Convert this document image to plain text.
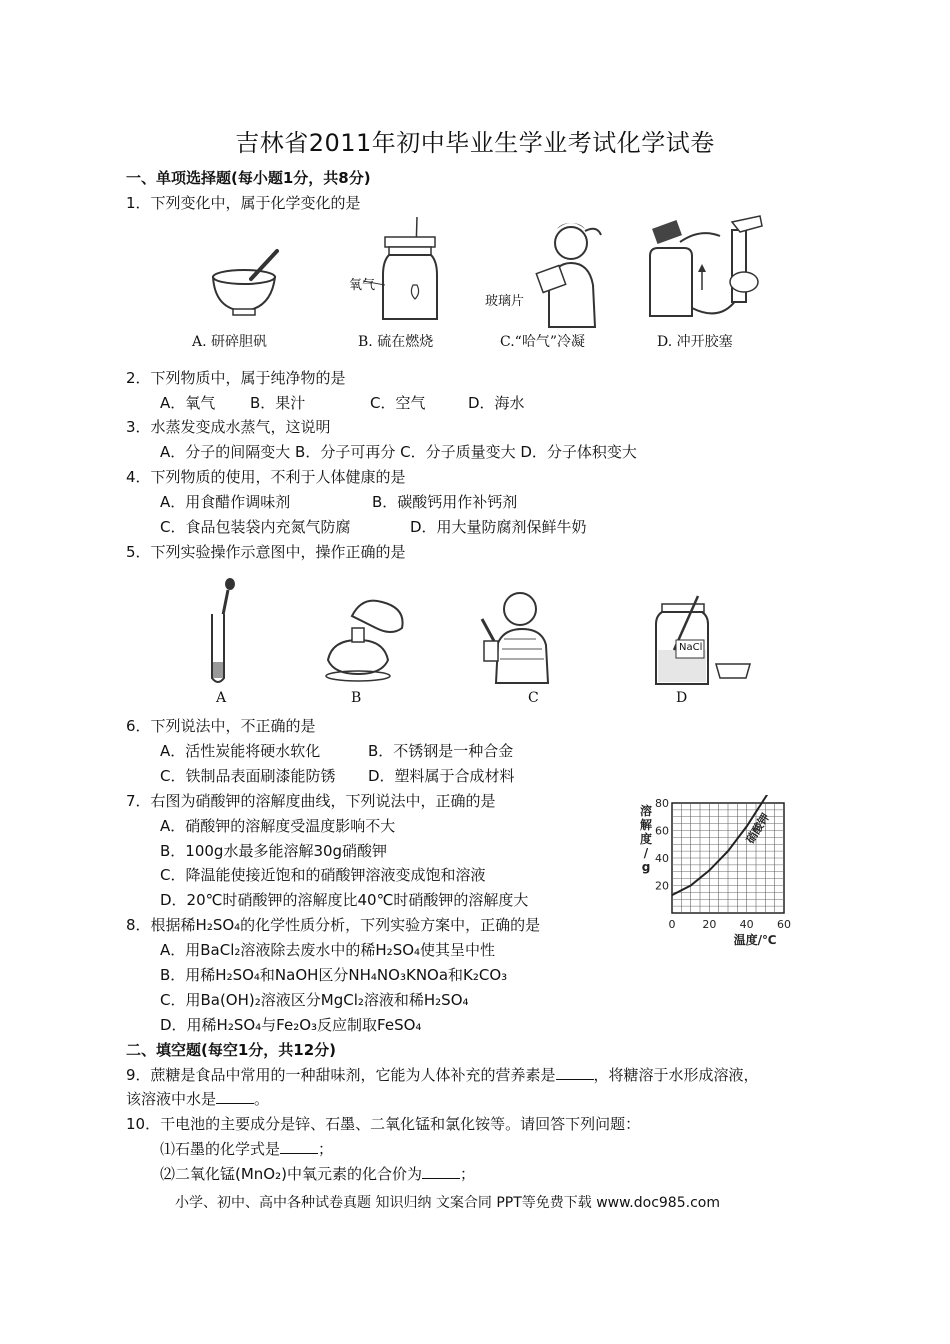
吉林省2011年初中毕业生学业考试化学试卷
一、单项选择题(每小题1分，共8分)
1．下列变化中，属于化学变化的是
A. 研碎胆矾
氧气
B. 硫在燃烧
玻璃片
C.“哈气”冷凝	D. 冲开胶塞
2．下列物质中，属于纯净物的是
A．氧气 B．果汁	C．空气	D．海水
3．水蒸发变成水蒸气，这说明
A．分子的间隔变大 B．分子可再分 C．分子质量变大 D．分子体积变大
4．下列物质的使用，不利于人体健康的是
A．用食醋作调味剂	B．碳酸钙用作补钙剂
C．食品包装袋内充氮气防腐	D．用大量防腐剂保鲜牛奶
5．下列实验操作示意图中，操作正确的是
A	B	C
NaCl
D
6．下列说法中，不正确的是
A．活性炭能将硬水软化	B．不锈钢是一种合金
C．铁制品表面刷漆能防锈 D．塑料属于合成材料
7．右图为硝酸钾的溶解度曲线，下列说法中，正确的是
A．硝酸钾的溶解度受温度影响不大
B．100g水最多能溶解30g硝酸钾
C．降温能使接近饱和的硝酸钾溶液变成饱和溶液
D．20℃时硝酸钾的溶解度比40℃时硝酸钾的溶解度大
硝酸钾
溶
解
度
/
g
温度/℃
0 20 40 60
20
40
60
80
8．根据稀H₂SO₄的化学性质分析，下列实验方案中，正确的是
A．用BaCl₂溶液除去废水中的稀H₂SO₄使其呈中性
B．用稀H₂SO₄和NaOH区分NH₄NO₃KNOa和K₂CO₃
C．用Ba(OH)₂溶液区分MgCl₂溶液和稀H₂SO₄
D．用稀H₂SO₄与Fe₂O₃反应制取FeSO₄
二、填空题(每空1分，共12分)
9．蔗糖是食品中常用的一种甜味剂，它能为人体补充的营养素是	，将糖溶于水形成溶液，
该溶液中水是	。
10．干电池的主要成分是锌、石墨、二氧化锰和氯化铵等。请回答下列问题：
⑴石墨的化学式是	；
⑵二氧化锰(MnO₂)中氧元素的化合价为	；
小学、初中、高中各种试卷真题 知识归纳 文案合同 PPT等免费下载 www.doc985.com
